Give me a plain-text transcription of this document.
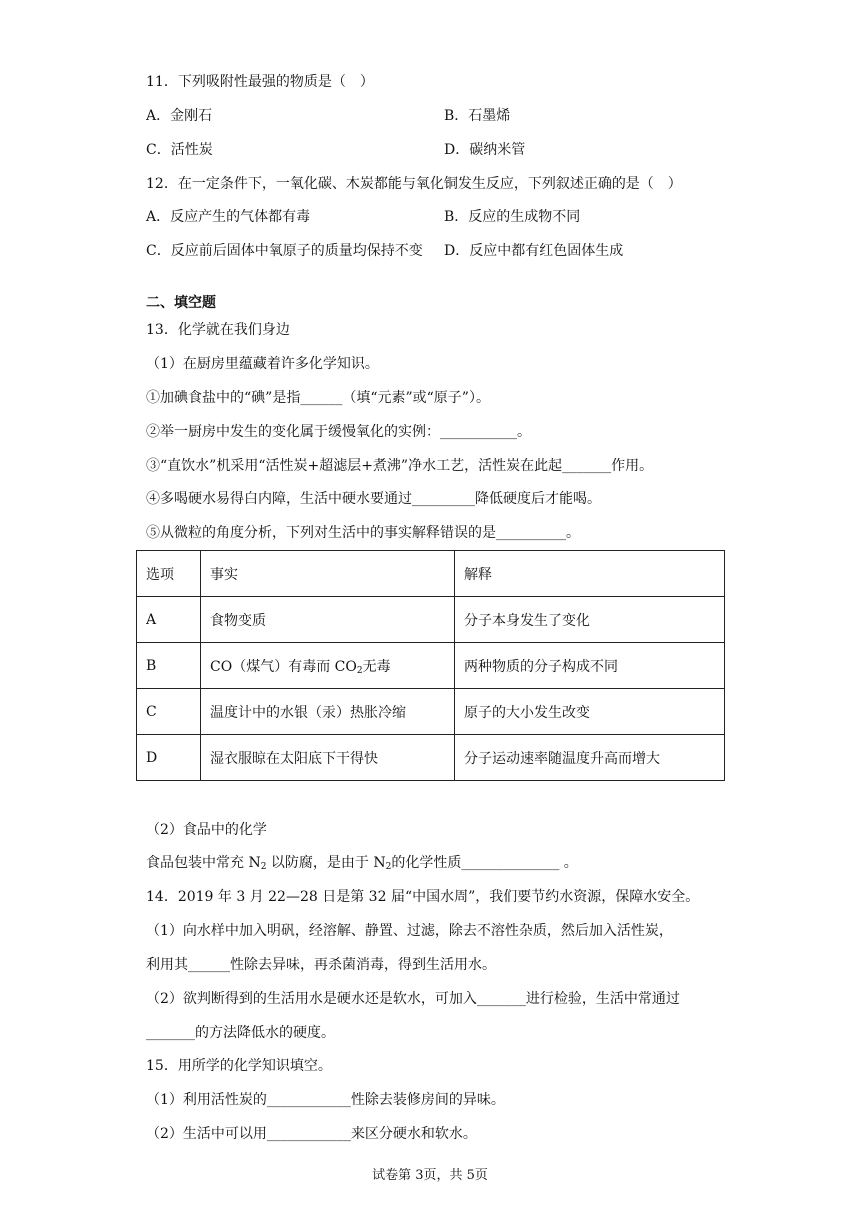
11．下列吸附性最强的物质是（　）
A．金刚石	B．石墨烯
C．活性炭	D．碳纳米管
12．在一定条件下，一氧化碳、木炭都能与氧化铜发生反应，下列叙述正确的是（　）
A．反应产生的气体都有毒	B．反应的生成物不同
C．反应前后固体中氧原子的质量均保持不变 D．反应中都有红色固体生成
二、填空题
13．化学就在我们身边
（1）在厨房里蕴藏着许多化学知识。
①加碘食盐中的“碘”是指______（填“元素”或“原子”）。
②举一厨房中发生的变化属于缓慢氧化的实例：___________。
③“直饮水”机采用“活性炭+超滤层+煮沸”净水工艺，活性炭在此起_______作用。
④多喝硬水易得白内障，生活中硬水要通过_________降低硬度后才能喝。
⑤从微粒的角度分析，下列对生活中的事实解释错误的是__________。
选项	事实	解释
A	食物变质	分子本身发生了变化
B	CO（煤气）有毒而 $CO_2$无毒	两种物质的分子构成不同
C	温度计中的水银（汞）热胀冷缩	原子的大小发生改变
D	湿衣服晾在太阳底下干得快	分子运动速率随温度升高而增大
（2）食品中的化学
食品包装中常充 $N_2$ 以防腐，是由于 $N_2$的化学性质______________ 。
14．2019 年 3 月 22—28 日是第 32 届“中国水周”，我们要节约水资源，保障水安全。
（1）向水样中加入明矾，经溶解、静置、过滤，除去不溶性杂质，然后加入活性炭，
利用其______性除去异味，再杀菌消毒，得到生活用水。
（2）欲判断得到的生活用水是硬水还是软水，可加入_______进行检验，生活中常通过
_______的方法降低水的硬度。
15．用所学的化学知识填空。
（1）利用活性炭的____________性除去装修房间的异味。
（2）生活中可以用____________来区分硬水和软水。
试卷第 3页，共 5页
